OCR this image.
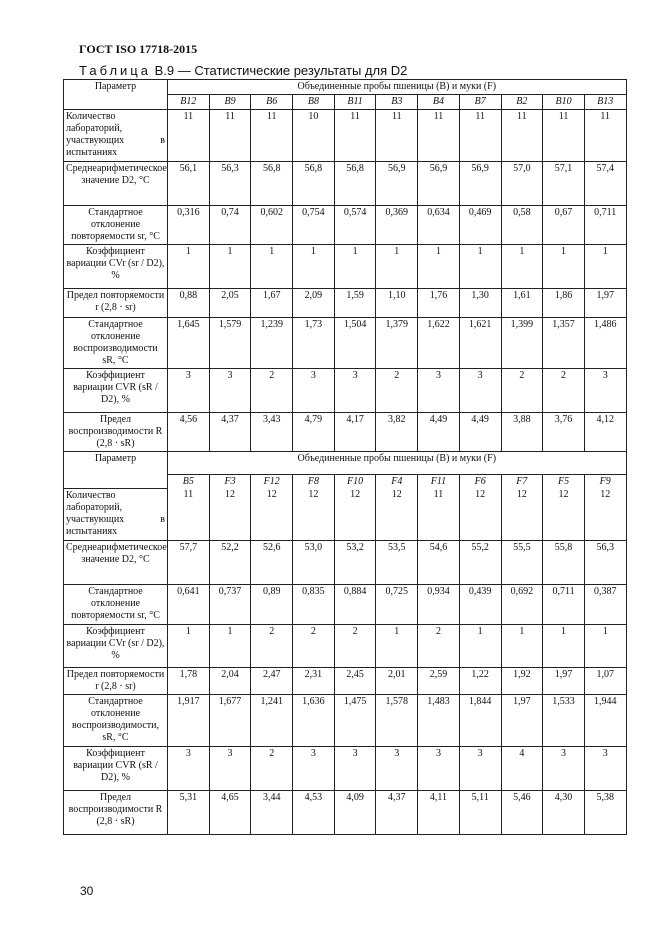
ГОСТ ISO 17718-2015
Таблица В.9 — Статистические результаты для D2
Параметр	Объединенные пробы пшеницы (B) и муки (F)										
	B12	B9	B6	B8	B11	B3	B4	B7	B2	B10	B13
Количество лабораторий, участвующих в испытаниях	11	11	11	10	11	11	11	11	11	11	11
Среднеарифметическое значение D2, °C	56,1	56,3	56,8	56,8	56,8	56,9	56,9	56,9	57,0	57,1	57,4
Стандартное отклонение повторяемости sr, °C	0,316	0,74	0,602	0,754	0,574	0,369	0,634	0,469	0,58	0,67	0,711
Коэффициент вариации CVr (sr / D2), %	1	1	1	1	1	1	1	1	1	1	1
Предел повторяемости r (2,8 · sr)	0,88	2,05	1,67	2,09	1,59	1,10	1,76	1,30	1,61	1,86	1,97
Стандартное отклонение воспроизводимости sR, °C	1,645	1,579	1,239	1,73	1,504	1,379	1,622	1,621	1,399	1,357	1,486
Коэффициент вариации CVR (sR / D2), %	3	3	2	3	3	2	3	3	2	2	3
Предел воспроизводимости R (2,8 · sR)	4,56	4,37	3,43	4,79	4,17	3,82	4,49	4,49	3,88	3,76	4,12
Параметр	Объединенные пробы пшеницы (B) и муки (F)										
	B5	F3	F12	F8	F10	F4	F11	F6	F7	F5	F9
Количество лабораторий, участвующих в испытаниях	11	12	12	12	12	12	11	12	12	12	12
Среднеарифметическое значение D2, °C	57,7	52,2	52,6	53,0	53,2	53,5	54,6	55,2	55,5	55,8	56,3
Стандартное отклонение повторяемости sr, °C	0,641	0,737	0,89	0,835	0,884	0,725	0,934	0,439	0,692	0,711	0,387
Коэффициент вариации CVr (sr / D2), %	1	1	2	2	2	1	2	1	1	1	1
Предел повторяемости r (2,8 · sr)	1,78	2,04	2,47	2,31	2,45	2,01	2,59	1,22	1,92	1,97	1,07
Стандартное отклонение воспроизводимости, sR, °C	1,917	1,677	1,241	1,636	1,475	1,578	1,483	1,844	1,97	1,533	1,944
Коэффициент вариации CVR (sR / D2), %	3	3	2	3	3	3	3	3	4	3	3
Предел воспроизводимости R (2,8 · sR)	5,31	4,65	3,44	4,53	4,09	4,37	4,11	5,11	5,46	4,30	5,38
30
